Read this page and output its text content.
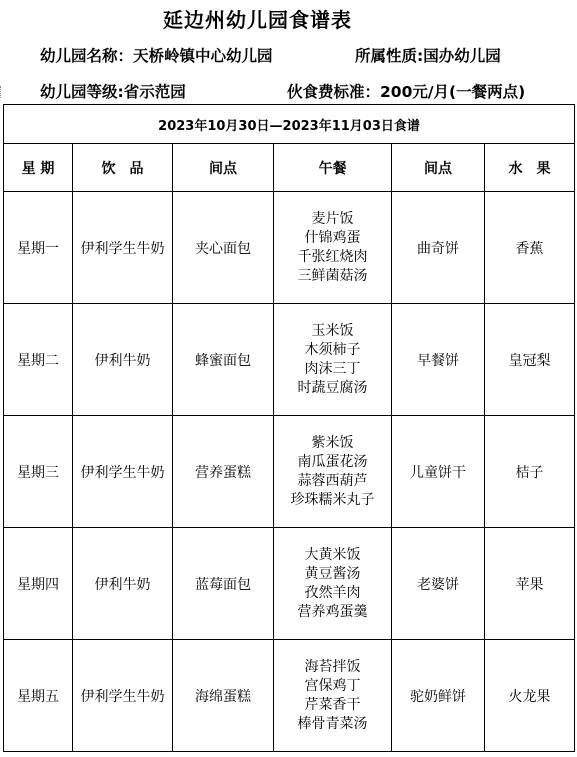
延边州幼儿园食谱表
幼儿园名称：天桥岭镇中心幼儿园	所属性质:国办幼儿园
幼儿园等级:省示范园	伙食费标准：200元/月(一餐两点)
2023年10月30日—2023年11月03日食谱					
星 期	饮　品	间点	午餐	间点	水　果
星期一	伊利学生牛奶	夹心面包	麦片饭
什锦鸡蛋
千张红烧肉
三鲜菌菇汤	曲奇饼	香蕉
星期二	伊利牛奶	蜂蜜面包	玉米饭
木须柿子
肉沫三丁
时蔬豆腐汤	早餐饼	皇冠梨
星期三	伊利学生牛奶	营养蛋糕	紫米饭
南瓜蛋花汤
蒜蓉西葫芦
珍珠糯米丸子	儿童饼干	桔子
星期四	伊利牛奶	蓝莓面包	大黄米饭
黄豆酱汤
孜然羊肉
营养鸡蛋羹	老婆饼	苹果
星期五	伊利学生牛奶	海绵蛋糕	海苔拌饭
宫保鸡丁
芹菜香干
棒骨青菜汤	驼奶鲜饼	火龙果
